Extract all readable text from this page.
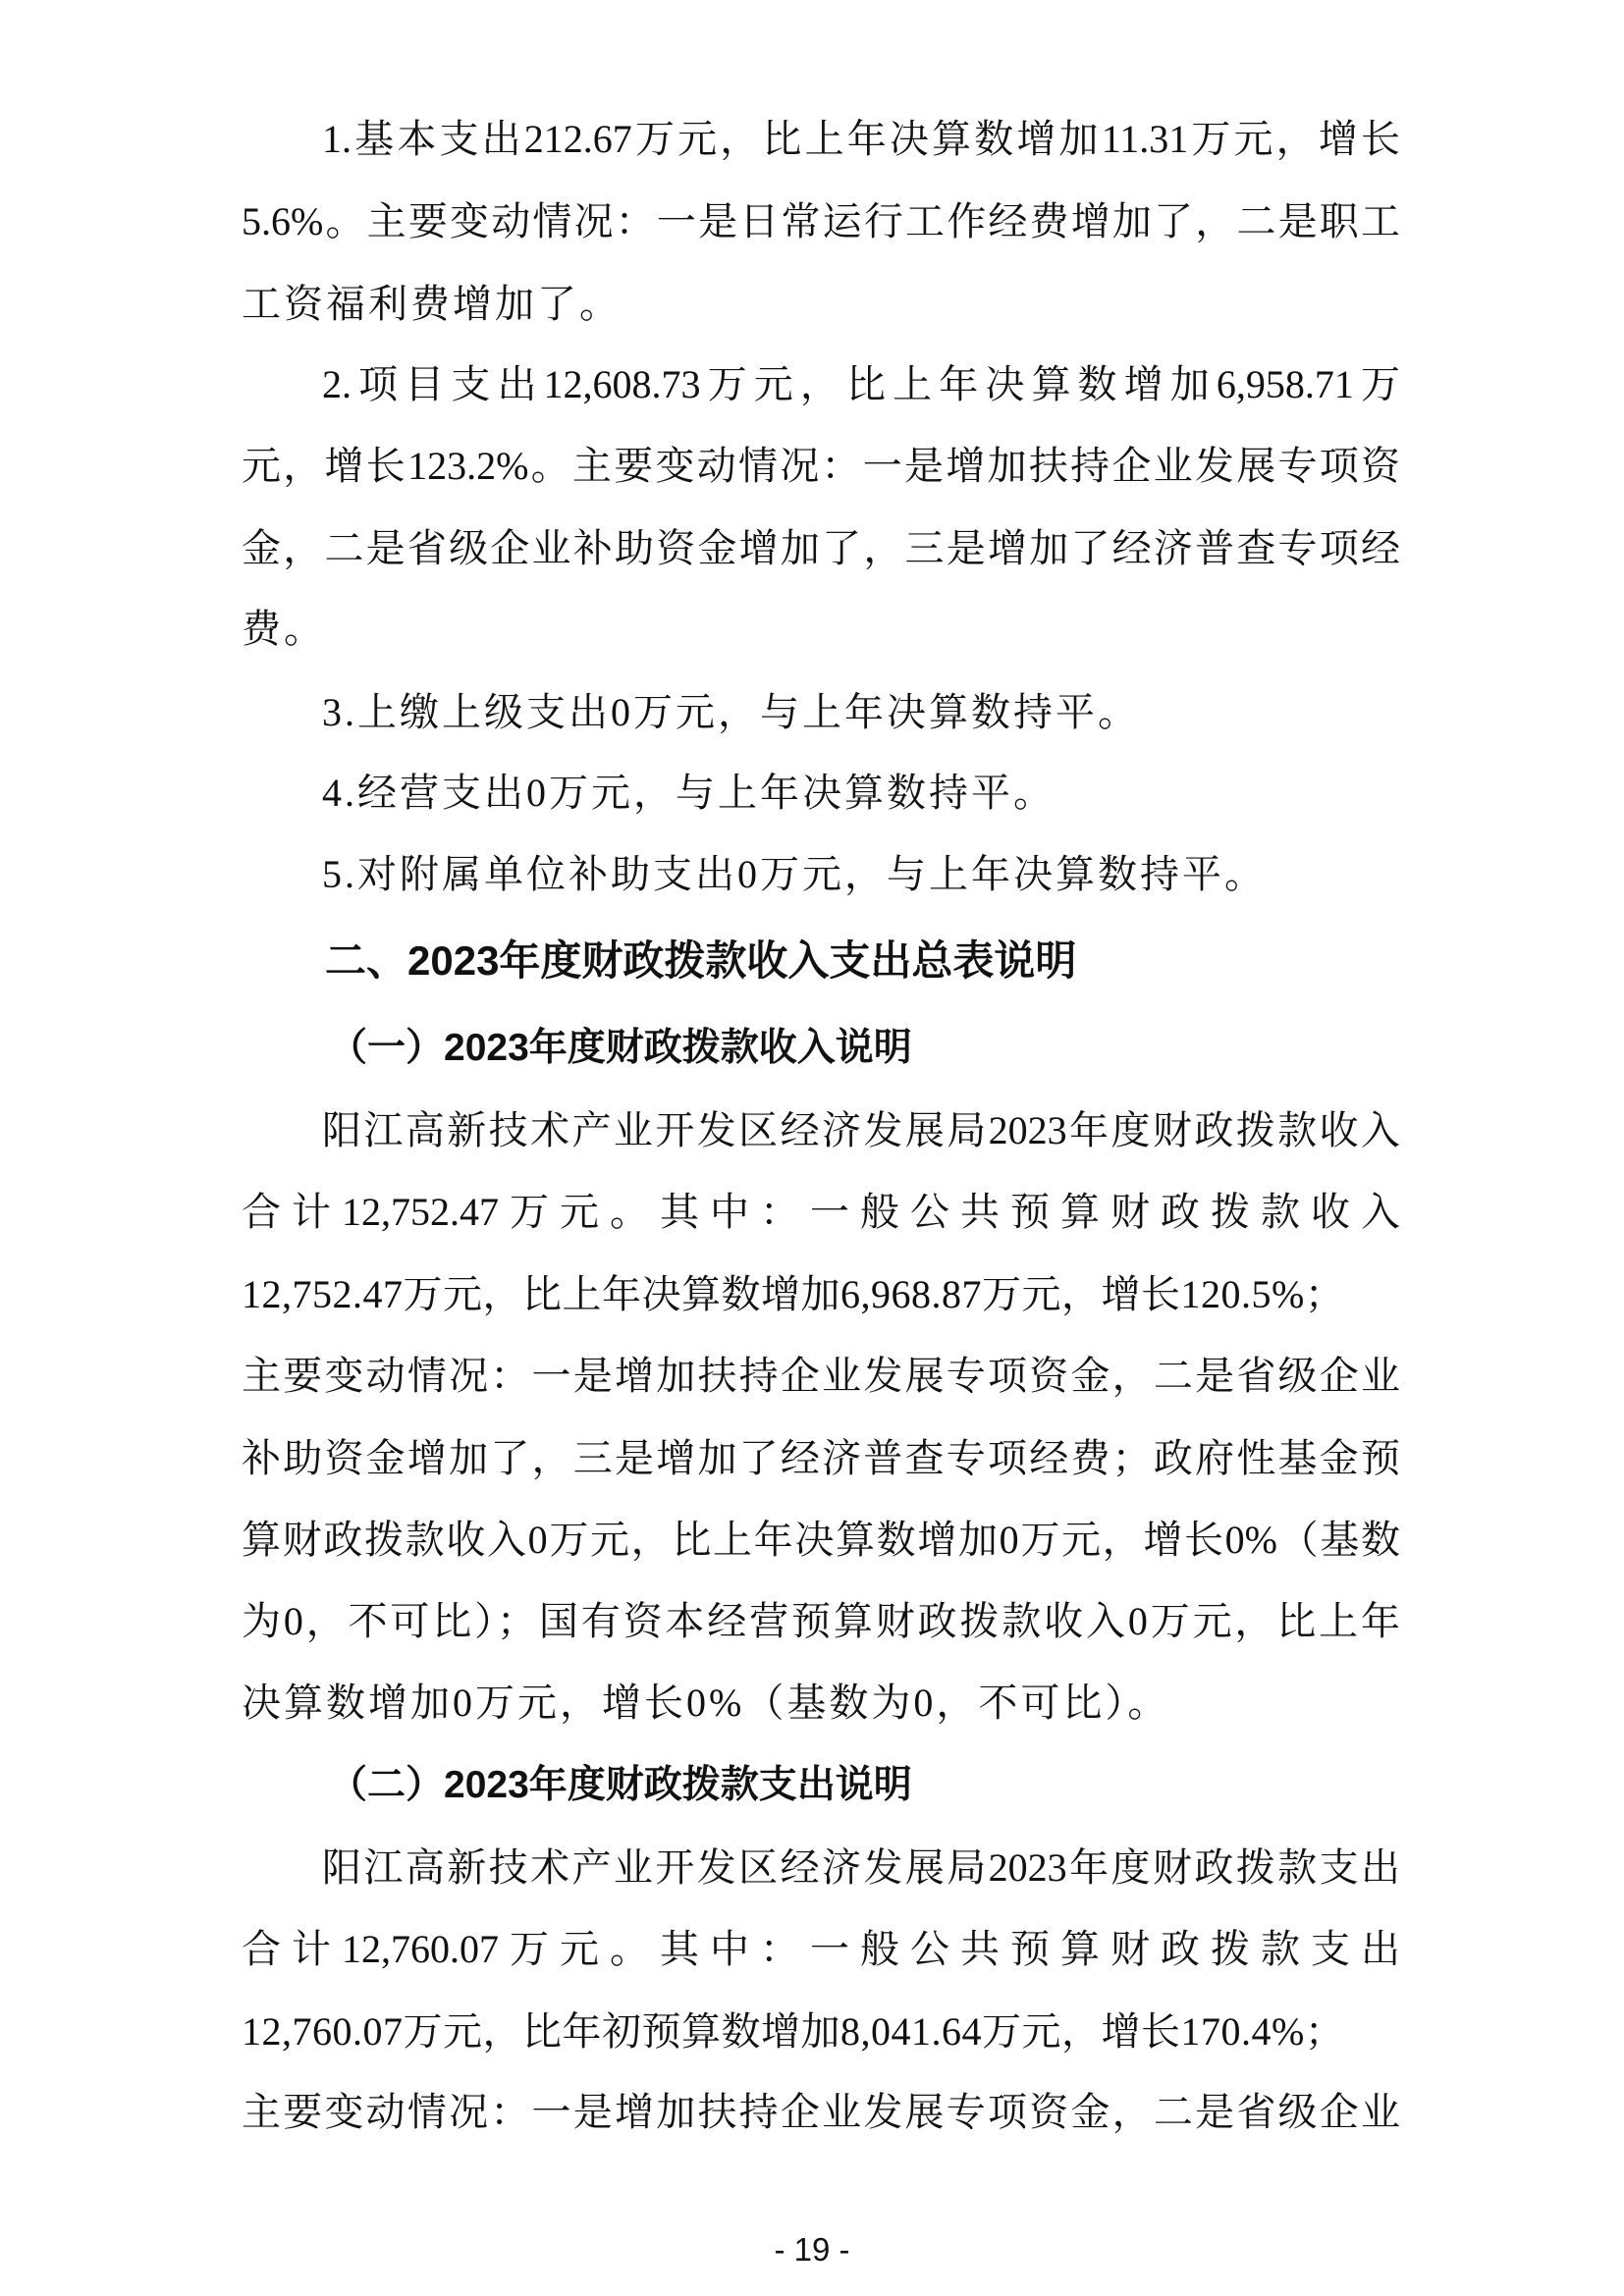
1.基本支出212.67万元，比上年决算数增加11.31万元，增长
5.6%。主要变动情况：一是日常运行工作经费增加了，二是职工
工资福利费增加了。
2.项目支出12,608.73万元，比上年决算数增加6,958.71万
元，增长123.2%。主要变动情况：一是增加扶持企业发展专项资
金，二是省级企业补助资金增加了，三是增加了经济普查专项经
费。
3.上缴上级支出0万元，与上年决算数持平。
4.经营支出0万元，与上年决算数持平。
5.对附属单位补助支出0万元，与上年决算数持平。
二、2023年度财政拨款收入支出总表说明
（一）2023年度财政拨款收入说明
阳江高新技术产业开发区经济发展局2023年度财政拨款收入
合计12,752.47万元。其中：一般公共预算财政拨款收入
12,752.47万元，比上年决算数增加6,968.87万元，增长120.5%；
主要变动情况：一是增加扶持企业发展专项资金，二是省级企业
补助资金增加了，三是增加了经济普查专项经费；政府性基金预
算财政拨款收入0万元，比上年决算数增加0万元，增长0%（基数
为0，不可比）；国有资本经营预算财政拨款收入0万元，比上年
决算数增加0万元，增长0%（基数为0，不可比）。
（二）2023年度财政拨款支出说明
阳江高新技术产业开发区经济发展局2023年度财政拨款支出
合计12,760.07万元。其中：一般公共预算财政拨款支出
12,760.07万元，比年初预算数增加8,041.64万元，增长170.4%；
主要变动情况：一是增加扶持企业发展专项资金，二是省级企业
- 19 -
